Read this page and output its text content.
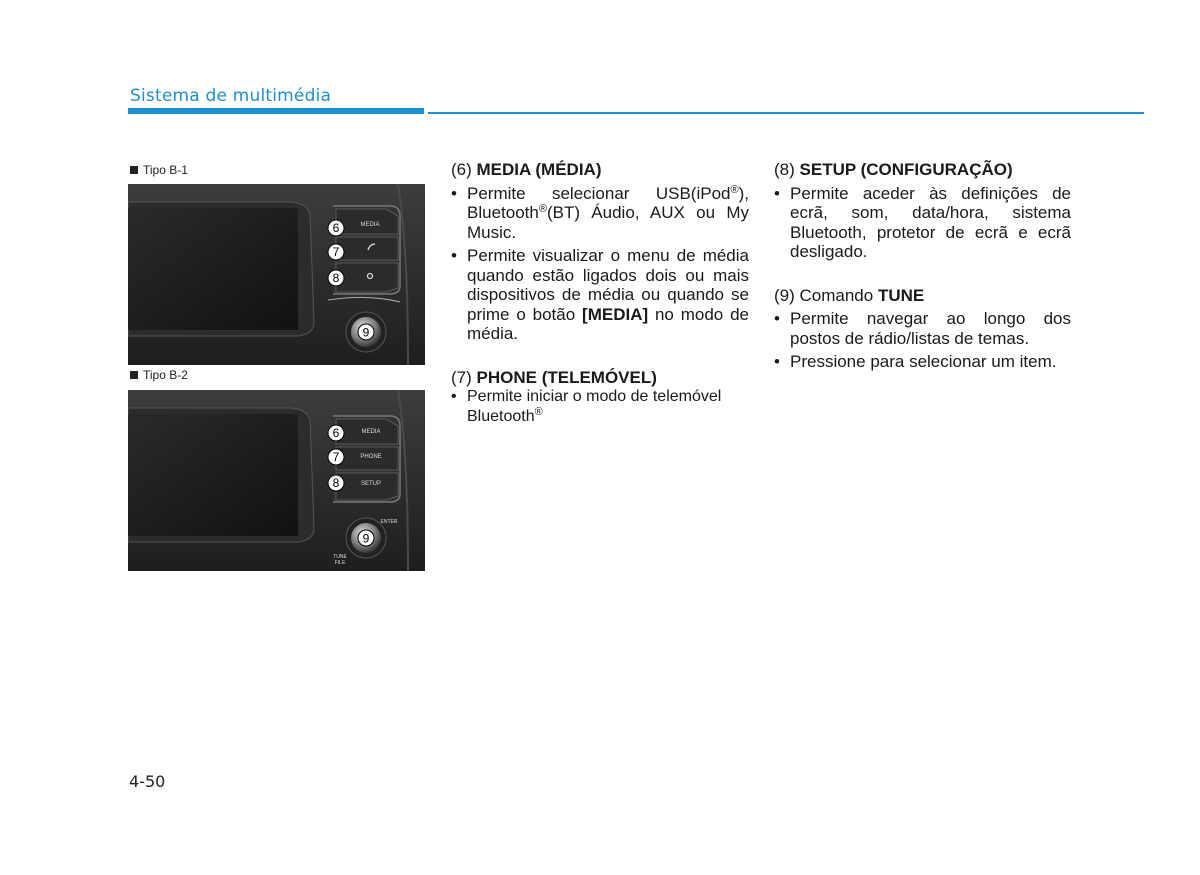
Sistema de multimédia
Tipo B-1
MEDIA
6
7
8
9
Tipo B-2
MEDIA
PHONE
SETUP
6
7
8
ENTER
9
TUNE
FILE
(6) MEDIA (MÉDIA)
• Permite selecionar USB(iPod®), Bluetooth®(BT) Áudio, AUX ou My Music.
• Permite visualizar o menu de média quando estão ligados dois ou mais dispositivos de média ou quando se prime o botão [MEDIA] no modo de média.
(7) PHONE (TELEMÓVEL)
• Permite iniciar o modo de telemóvel Bluetooth®
(8) SETUP (CONFIGURAÇÃO)
• Permite aceder às definições de ecrã, som, data/hora, sistema Bluetooth, protetor de ecrã e ecrã desligado.
(9) Comando TUNE
• Permite navegar ao longo dos postos de rádio/listas de temas.
• Pressione para selecionar um item.
4-50
